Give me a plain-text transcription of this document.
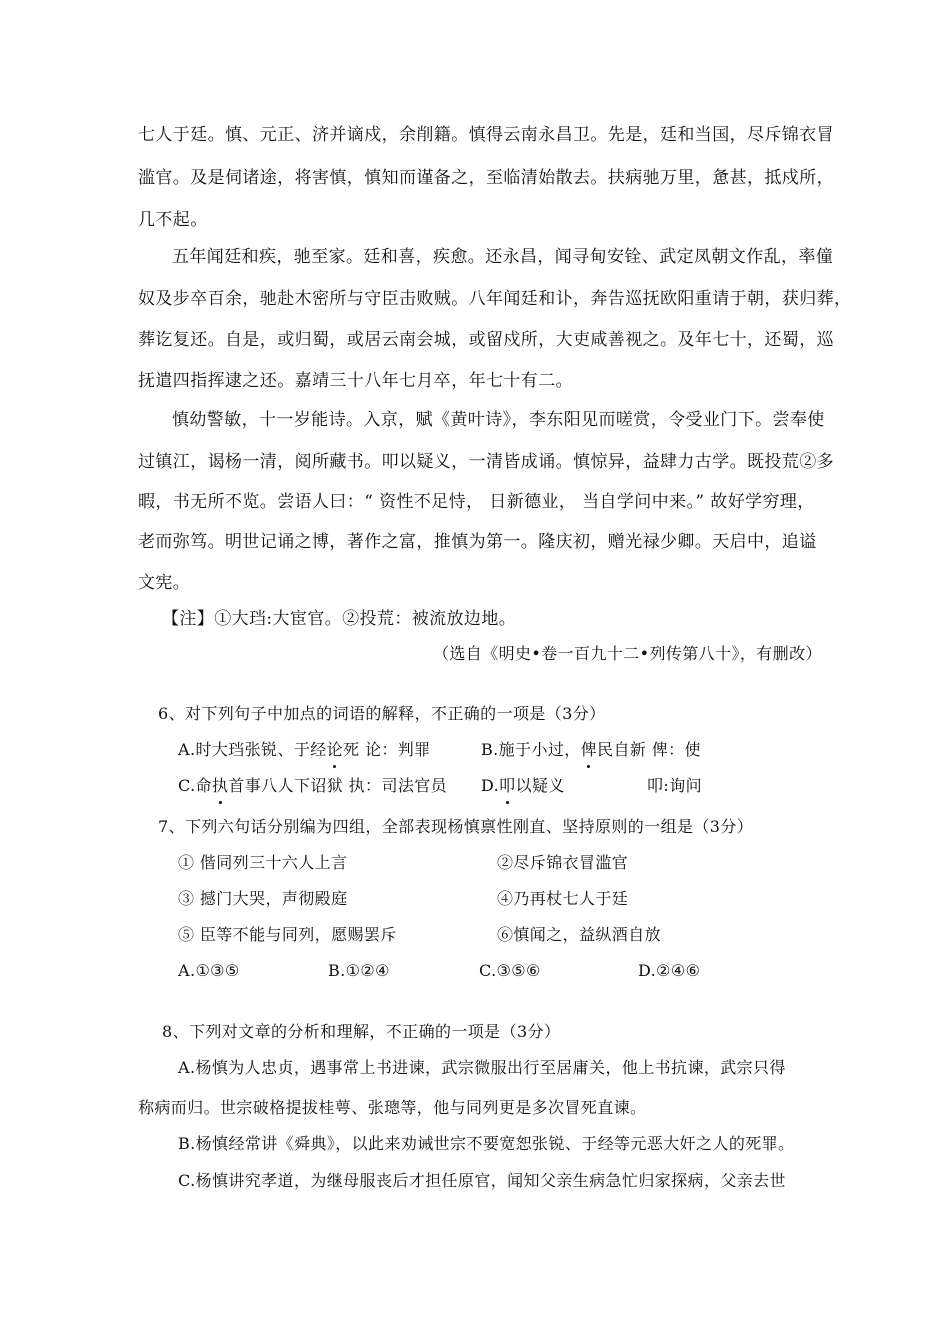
七人于廷。慎、元正、济并谪戍，余削籍。慎得云南永昌卫。先是，廷和当国，尽斥锦衣冒
滥官。及是伺诸途，将害慎，慎知而谨备之，至临清始散去。扶病驰万里，惫甚，抵戍所，
几不起。
五年闻廷和疾，驰至家。廷和喜，疾愈。还永昌，闻寻甸安铨、武定凤朝文作乱，率僮
奴及步卒百余，驰赴木密所与守臣击败贼。八年闻廷和讣，奔告巡抚欧阳重请于朝，获归葬，
葬讫复还。自是，或归蜀，或居云南会城，或留戍所，大吏咸善视之。及年七十，还蜀，巡
抚遣四指挥逮之还。嘉靖三十八年七月卒，年七十有二。
慎幼警敏，十一岁能诗。入京，赋《黄叶诗》，李东阳见而嗟赏，令受业门下。尝奉使
过镇江，谒杨一清，阅所藏书。叩以疑义，一清皆成诵。慎惊异，益肆力古学。既投荒②多
暇，书无所不览。尝语人曰：“ 资性不足恃， 日新德业， 当自学问中来。” 故好学穷理，
老而弥笃。明世记诵之博，著作之富，推慎为第一。隆庆初，赠光禄少卿。天启中，追谥
文宪。
【注】①大珰:大宦官。②投荒：被流放边地。
（选自《明史•卷一百九十二•列传第八十》，有删改）
6、对下列句子中加点的词语的解释，不正确的一项是（3分）
A.时大珰张锐、于经论死 论：判罪	B.施于小过，俾民自新 俾：使
C.命执首事八人下诏狱 执：司法官员 D.叩以疑义	叩:询问
7、下列六句话分别编为四组，全部表现杨慎禀性刚直、坚持原则的一组是（3分）
① 偕同列三十六人上言	②尽斥锦衣冒滥官
③ 撼门大哭，声彻殿庭	④乃再杖七人于廷
⑤ 臣等不能与同列，愿赐罢斥	⑥慎闻之，益纵酒自放
A.①③⑤	B.①②④	C.③⑤⑥	D.②④⑥
8、下列对文章的分析和理解，不正确的一项是（3分）
A.杨慎为人忠贞，遇事常上书进谏，武宗微服出行至居庸关，他上书抗谏，武宗只得
称病而归。世宗破格提拔桂萼、张璁等，他与同列更是多次冒死直谏。
B.杨慎经常讲《舜典》，以此来劝诫世宗不要宽恕张锐、于经等元恶大奸之人的死罪。
C.杨慎讲究孝道，为继母服丧后才担任原官，闻知父亲生病急忙归家探病，父亲去世
